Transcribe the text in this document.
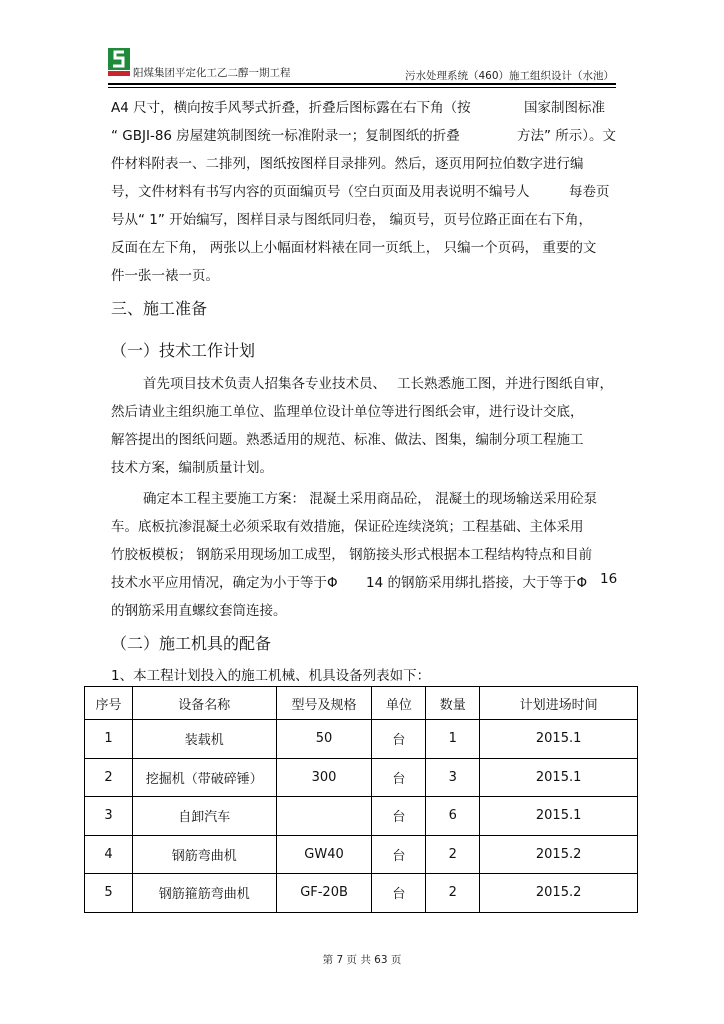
阳煤集团平定化工乙二醇一期工程	污水处理系统（460）施工组织设计（水池）
A4 尺寸，横向按手风琴式折叠，折叠后图标露在右下角（按	国家制图标准
“ GBJI-86 房屋建筑制图统一标准附录一；复制图纸的折叠	方法” 所示）。文
件材料附表一、二排列，图纸按图样目录排列。然后，逐页用阿拉伯数字进行编
号，文件材料有书写内容的页面编页号（空白页面及用表说明不编号人	每卷页
号从“ 1” 开始编写，图样目录与图纸同归卷， 编页号，页号位路正面在右下角，
反面在左下角， 两张以上小幅面材料裱在同一页纸上， 只编一个页码， 重要的文
件一张一裱一页。
三、施工准备
（一）技术工作计划
首先项目技术负责人招集各专业技术员、 工长熟悉施工图，并进行图纸自审，
然后请业主组织施工单位、监理单位设计单位等进行图纸会审，进行设计交底，
解答提出的图纸问题。熟悉适用的规范、标准、做法、图集，编制分项工程施工
技术方案，编制质量计划。
确定本工程主要施工方案： 混凝土采用商品砼， 混凝土的现场输送采用砼泵
车。底板抗渗混凝土必须采取有效措施，保证砼连续浇筑；工程基础、主体采用
竹胶板模板； 钢筋采用现场加工成型， 钢筋接头形式根据本工程结构特点和目前
技术水平应用情况，确定为小于等于Φ 14 的钢筋采用绑扎搭接，大于等于Φ 16
的钢筋采用直螺纹套筒连接。
（二）施工机具的配备
1、本工程计划投入的施工机械、机具设备列表如下：
序号	设备名称	型号及规格	单位	数量	计划进场时间
1	装载机	50	台	1	2015.1
2	挖掘机（带破碎锤）	300	台	3	2015.1
3	自卸汽车		台	6	2015.1
4	钢筋弯曲机	GW40	台	2	2015.2
5	钢筋箍筋弯曲机	GF-20B	台	2	2015.2
第 7 页 共 63 页
